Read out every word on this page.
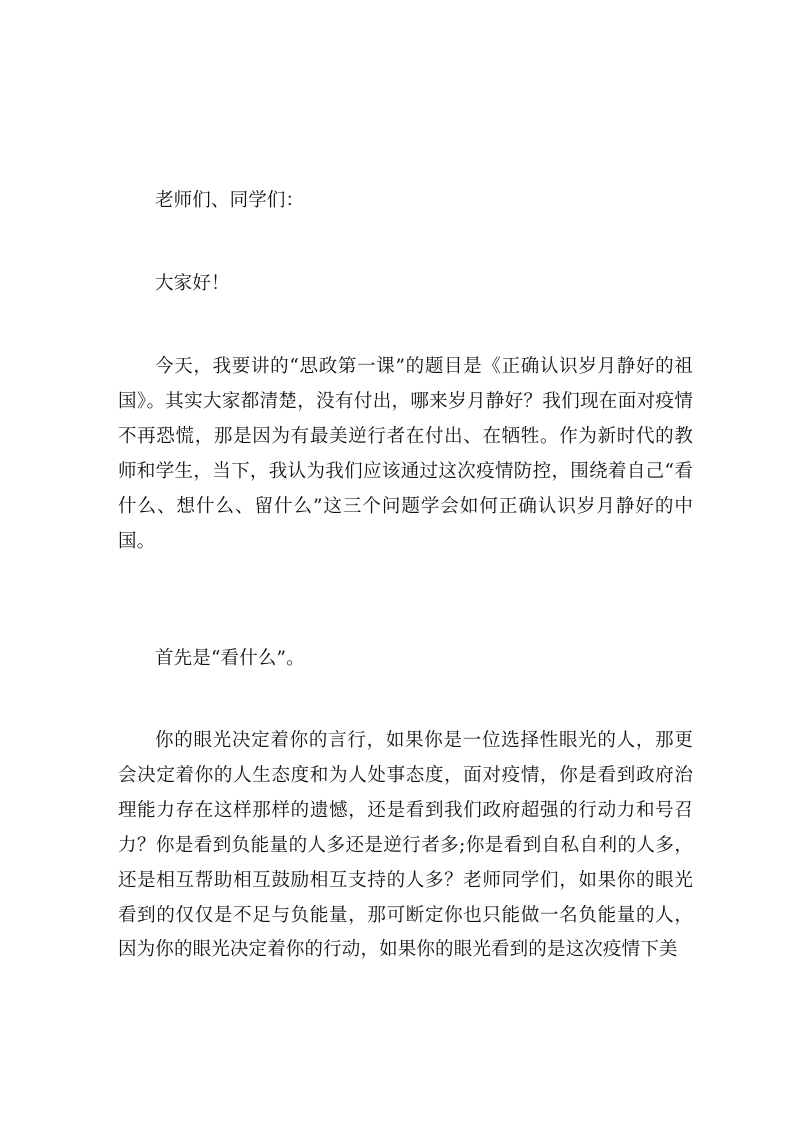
老师们、同学们：

大家好！

今天，我要讲的“思政第一课”的题目是《正确认识岁月静好的祖国》。其实大家都清楚，没有付出，哪来岁月静好？我们现在面对疫情不再恐慌，那是因为有最美逆行者在付出、在牺牲。作为新时代的教师和学生，当下，我认为我们应该通过这次疫情防控，围绕着自己“看什么、想什么、留什么”这三个问题学会如何正确认识岁月静好的中国。

首先是“看什么”。

你的眼光决定着你的言行，如果你是一位选择性眼光的人，那更会决定着你的人生态度和为人处事态度，面对疫情，你是看到政府治理能力存在这样那样的遗憾，还是看到我们政府超强的行动力和号召力？你是看到负能量的人多还是逆行者多;你是看到自私自利的人多，还是相互帮助相互鼓励相互支持的人多？老师同学们，如果你的眼光看到的仅仅是不足与负能量，那可断定你也只能做一名负能量的人，因为你的眼光决定着你的行动，如果你的眼光看到的是这次疫情下美
